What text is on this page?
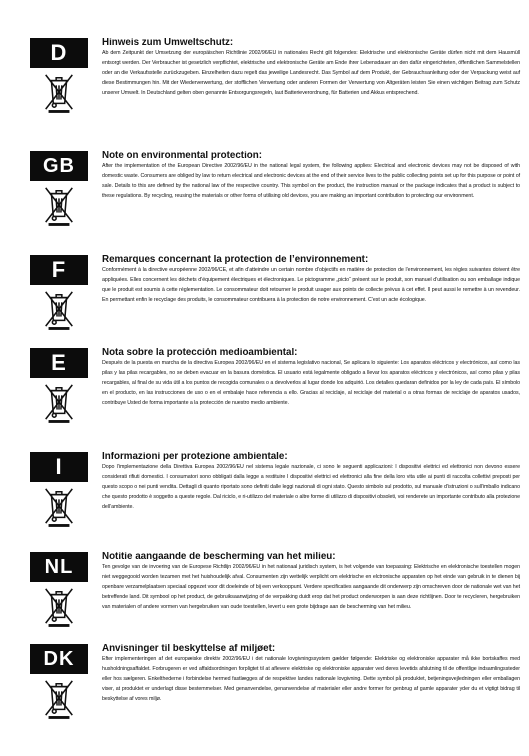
D	Hinweis zum Umweltschutz:

Ab dem Zeitpunkt der Umsetzung der europäischen Richtlinie 2002/96/EU in nationales Recht gilt folgendes: Elektrische und elektronische Geräte dürfen nicht mit dem Hausmüll entsorgt werden. Der Verbraucher ist gesetzlich verpflichtet, elektrische und elektronische Geräte am Ende ihrer Lebensdauer an den dafür eingerichteten, öffentlichen Sammelstellen oder an die Verkaufsstelle zurückzugeben. Einzelheiten dazu regelt das jeweilige Landesrecht. Das Symbol auf dem Produkt, der Gebrauchsanleitung oder der Verpackung weist auf diese Bestimmungen hin. Mit der Wiederverwertung, der stofflichen Verwertung oder anderen Formen der Verwertung von Altgeräten leisten Sie einen wichtigen Beitrag zum Schutz unserer Umwelt. In Deutschland gelten oben genannte Entsorgungsregeln, laut Batterieverordnung, für Batterien und Akkus entsprechend.

GB	Note on environmental protection:

After the implementation of the European Directive 2002/96/EU in the national legal system, the following applies: Electrical and electronic devices may not be disposed of with domestic waste. Consumers are obliged by law to return electrical and electronic devices at the end of their service lives to the public collecting points set up for this purpose or point of sale. Details to this are defined by the national law of the respective country. This symbol on the product, the instruction manual or the package indicates that a product is subject to these regulations. By recycling, reusing the materials or other forms of utilising old devices, you are making an important contribution to protecting our environment.

F	Remarques concernant la protection de l’environnement:

Conformément à la directive européenne 2002/96/CE, et afin d’atteindre un certain nombre d’objectifs en matière de protection de l’environnement, les règles suivantes doivent être appliquées. Elles concernent les déchets d’équipement électriques et électroniques. Le pictogramme „picto“ présent sur le produit, son manuel d’utilisation ou son emballage indique que le produit est soumis à cette réglementation. Le consommateur doit retourner le produit usager aux points de collecte prévus à cet effet. Il peut aussi le remettre à un revendeur. En permettant enfin le recyclage des produits, le consommateur contribuera à la protection de notre environnement. C’est un acte écologique.

E	Nota sobre la protección medioambiental:

Después de la puesta en marcha de la directiva Europea 2002/96/EU en el sistema legislativo nacional, Se aplicara lo siguiente: Los aparatos eléctricos y electrónicos, así como las pilas y las pilas recargables, no se deben evacuar en la basura doméstica. El usuario está legalmente obligado a llevar los aparatos eléctricos y electrónicos, así como pilas y pilas recargables, al final de su vida útil a los puntos de recogida comunales o a devolverlos al lugar donde los adquirió. Los detalles quedaran definidos por la ley de cada país. El símbolo en el producto, en las instrucciones de uso o en el embalaje hace referencia a ello. Gracias al reciclaje, al reciclaje del material o a otras formas de reciclaje de aparatos usados, contribuye Usted de forma importante a la protección de nuestro medio ambiente.

I	Informazioni per protezione ambientale:

Dopo l’implementazione della Direttiva Europea 2002/96/EU nel sistema legale nazionale, ci sono le seguenti applicazioni: I dispositivi elettrici ed elettronici non devono essere considerati rifiuti domestici. I consumatori sono obbligati dalla legge a restituire I dispositivi elettrici ed elettronici alla fine della loro vita utile ai punti di raccolta collettivi preposti per questo scopo o nei punti vendita. Dettagli di quanto riportato sono definiti dalle leggi nazionali di ogni stato. Questo simbolo sul prodotto, sul manuale d’istruzioni o sull’imballo indicano che questo prodotto è soggetto a queste regole. Dal riciclo, e ri-utilizzo del materiale o altre forme di utilizzo di dispositivi obsoleti, voi renderete un importante contributo alla protezione dell’ambiente.

NL	Notitie aangaande de bescherming van het milieu:

Ten gevolge van de invoering van de Europese Richtlijn 2002/96/EU in het nationaal juridisch system, is het volgende van toepassing: Elektrische en elektronische toestellen mogen niet weggegooid worden tezamen met het huishoudelijk afval. Consumenten zijn wettelijk verplicht om elektrische en elctronische apparaten op het einde van gebruik in te dienen bij openbare verzamelplaatsen speciaal opgezet voor dit doeleinde of bij een verkooppunt. Verdere specificaties aangaande dit onderwerp zijn omschreven door de nationale wet van het betreffende land. Dit symbool op het product, de gebruiksaanwijzing of de verpakking duidt erop dat het product onderworpen is aan deze richtlijnen. Door te recycleren, hergebruiken van materialen of andere vormen van hergebruiken van oude toestellen, levert u een grote bijdrage aan de bescherming van het milieu.

DK	Anvisninger til beskyttelse af miljøet:

Efter implementeringen af det europæiske direktiv 2002/96/EU i det nationale lovgivningssystem gælder følgende: Elektriske og elektroniske apparater må ikke bortskaffes med husholdningsaffaldet. Forbrugeren er ved affaldsordningen forpligtet til at aflevere elektriske og elektroniske apparater ved deres levetids afslutning til de offentlige indsamlingssteder eller hos sælgeren. Enkelthederne i forbindelse hermed fastlægges af de respektive landes nationale lovgivning. Dette symbol på produktet, betjeningsvejledningen eller emballagen viser, at produktet er underlagt disse bestemmelser. Med genanvendelse, genanvendelse af materialer eller andre former for genbrug af gamle apparater yder du et vigtigt bidrag til beskyttelse af vores miljø.
